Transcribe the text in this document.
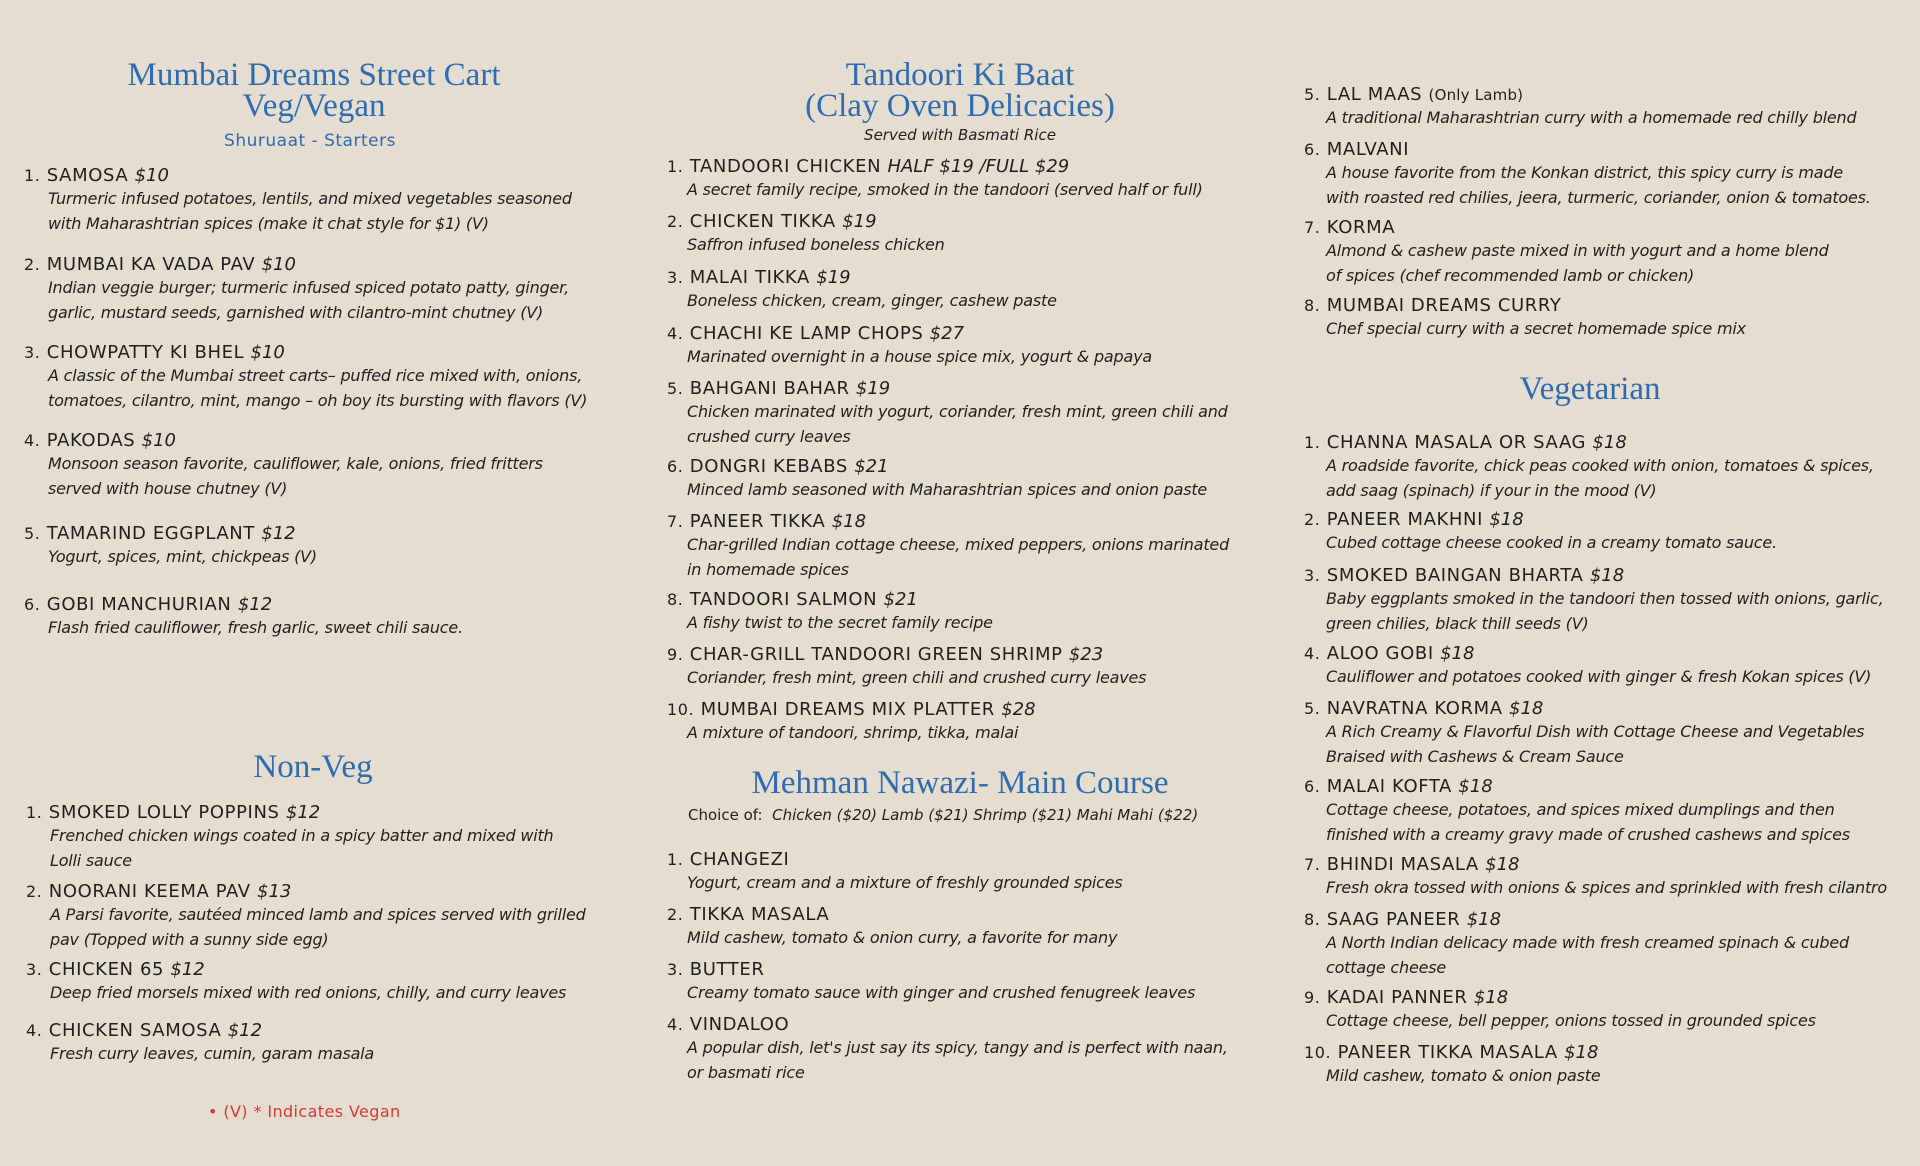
Mumbai Dreams Street Cart
Veg/Vegan
Shuruaat - Starters
1. SAMOSA $10
Turmeric infused potatoes, lentils, and mixed vegetables seasoned
with Maharashtrian spices (make it chat style for $1) (V)
2. MUMBAI KA VADA PAV $10
Indian veggie burger; turmeric infused spiced potato patty, ginger,
garlic, mustard seeds, garnished with cilantro-mint chutney (V)
3. CHOWPATTY KI BHEL $10
A classic of the Mumbai street carts– puffed rice mixed with, onions,
tomatoes, cilantro, mint, mango – oh boy its bursting with flavors (V)
4. PAKODAS $10
Monsoon season favorite, cauliflower, kale, onions, fried fritters
served with house chutney (V)
5. TAMARIND EGGPLANT $12
Yogurt, spices, mint, chickpeas (V)
6. GOBI MANCHURIAN $12
Flash fried cauliflower, fresh garlic, sweet chili sauce.
Non-Veg
1. SMOKED LOLLY POPPINS $12
Frenched chicken wings coated in a spicy batter and mixed with
Lolli sauce
2. NOORANI KEEMA PAV $13
A Parsi favorite, sautéed minced lamb and spices served with grilled
pav (Topped with a sunny side egg)
3. CHICKEN 65 $12
Deep fried morsels mixed with red onions, chilly, and curry leaves
4. CHICKEN SAMOSA $12
Fresh curry leaves, cumin, garam masala
• (V) * Indicates Vegan
Tandoori Ki Baat
(Clay Oven Delicacies)
Served with Basmati Rice
1. TANDOORI CHICKEN HALF $19 /FULL $29
A secret family recipe, smoked in the tandoori (served half or full)
2. CHICKEN TIKKA $19
Saffron infused boneless chicken
3. MALAI TIKKA $19
Boneless chicken, cream, ginger, cashew paste
4. CHACHI KE LAMP CHOPS $27
Marinated overnight in a house spice mix, yogurt & papaya
5. BAHGANI BAHAR $19
Chicken marinated with yogurt, coriander, fresh mint, green chili and
crushed curry leaves
6. DONGRI KEBABS $21
Minced lamb seasoned with Maharashtrian spices and onion paste
7. PANEER TIKKA $18
Char-grilled Indian cottage cheese, mixed peppers, onions marinated
in homemade spices
8. TANDOORI SALMON $21
A fishy twist to the secret family recipe
9. CHAR-GRILL TANDOORI GREEN SHRIMP $23
Coriander, fresh mint, green chili and crushed curry leaves
10. MUMBAI DREAMS MIX PLATTER $28
A mixture of tandoori, shrimp, tikka, malai
Mehman Nawazi- Main Course
Choice of: Chicken ($20) Lamb ($21) Shrimp ($21) Mahi Mahi ($22)
1. CHANGEZI
Yogurt, cream and a mixture of freshly grounded spices
2. TIKKA MASALA
Mild cashew, tomato & onion curry, a favorite for many
3. BUTTER
Creamy tomato sauce with ginger and crushed fenugreek leaves
4. VINDALOO
A popular dish, let's just say its spicy, tangy and is perfect with naan,
or basmati rice
5. LAL MAAS (Only Lamb)
A traditional Maharashtrian curry with a homemade red chilly blend
6. MALVANI
A house favorite from the Konkan district, this spicy curry is made
with roasted red chilies, jeera, turmeric, coriander, onion & tomatoes.
7. KORMA
Almond & cashew paste mixed in with yogurt and a home blend
of spices (chef recommended lamb or chicken)
8. MUMBAI DREAMS CURRY
Chef special curry with a secret homemade spice mix
Vegetarian
1. CHANNA MASALA OR SAAG $18
A roadside favorite, chick peas cooked with onion, tomatoes & spices,
add saag (spinach) if your in the mood (V)
2. PANEER MAKHNI $18
Cubed cottage cheese cooked in a creamy tomato sauce.
3. SMOKED BAINGAN BHARTA $18
Baby eggplants smoked in the tandoori then tossed with onions, garlic,
green chilies, black thill seeds (V)
4. ALOO GOBI $18
Cauliflower and potatoes cooked with ginger & fresh Kokan spices (V)
5. NAVRATNA KORMA $18
A Rich Creamy & Flavorful Dish with Cottage Cheese and Vegetables
Braised with Cashews & Cream Sauce
6. MALAI KOFTA $18
Cottage cheese, potatoes, and spices mixed dumplings and then
finished with a creamy gravy made of crushed cashews and spices
7. BHINDI MASALA $18
Fresh okra tossed with onions & spices and sprinkled with fresh cilantro
8. SAAG PANEER $18
A North Indian delicacy made with fresh creamed spinach & cubed
cottage cheese
9. KADAI PANNER $18
Cottage cheese, bell pepper, onions tossed in grounded spices
10. PANEER TIKKA MASALA $18
Mild cashew, tomato & onion paste
